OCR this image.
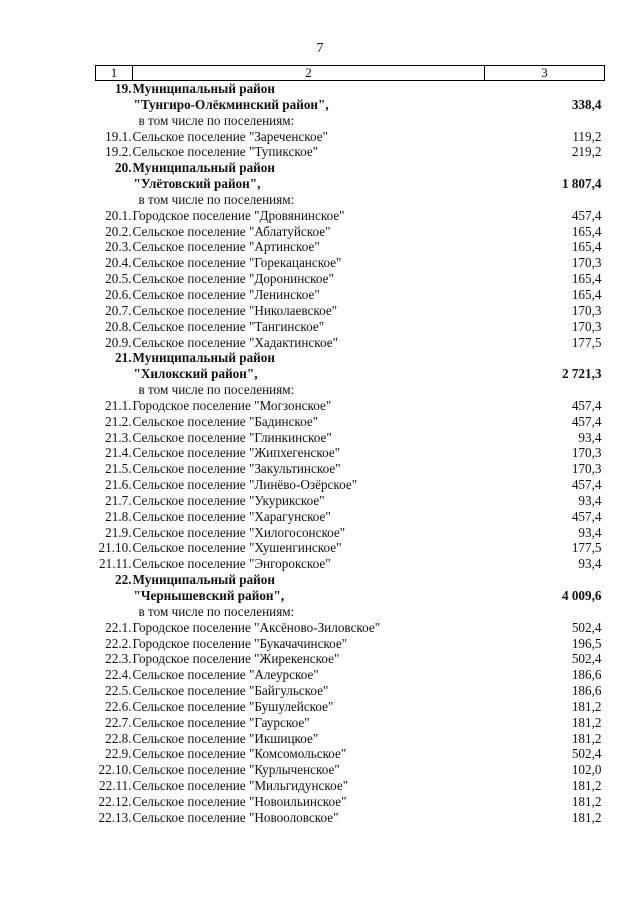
7
1	2	3
19.	Муниципальный район	
	"Тунгиро-Олёкминский район",	338,4
	в том числе по поселениям:	
19.1.	Сельское поселение "Зареченское"	119,2
19.2.	Сельское поселение "Тупикское"	219,2
20.	Муниципальный район	
	"Улётовский район",	1 807,4
	в том числе по поселениям:	
20.1.	Городское поселение "Дровянинское"	457,4
20.2.	Сельское поселение "Аблатуйское"	165,4
20.3.	Сельское поселение "Артинское"	165,4
20.4.	Сельское поселение "Горекацанское"	170,3
20.5.	Сельское поселение "Доронинское"	165,4
20.6.	Сельское поселение "Ленинское"	165,4
20.7.	Сельское поселение "Николаевское"	170,3
20.8.	Сельское поселение "Тангинское"	170,3
20.9.	Сельское поселение "Хадактинское"	177,5
21.	Муниципальный район	
	"Хилокский район",	2 721,3
	в том числе по поселениям:	
21.1.	Городское поселение "Могзонское"	457,4
21.2.	Сельское поселение "Бадинское"	457,4
21.3.	Сельское поселение "Глинкинское"	93,4
21.4.	Сельское поселение "Жипхегенское"	170,3
21.5.	Сельское поселение "Закультинское"	170,3
21.6.	Сельское поселение "Линёво-Озёрское"	457,4
21.7.	Сельское поселение "Укурикское"	93,4
21.8.	Сельское поселение "Харагунское"	457,4
21.9.	Сельское поселение "Хилогосонское"	93,4
21.10.	Сельское поселение "Хушенгинское"	177,5
21.11.	Сельское поселение "Энгорокское"	93,4
22.	Муниципальный район	
	"Чернышевский район",	4 009,6
	в том числе по поселениям:	
22.1.	Городское поселение "Аксёново-Зиловское"	502,4
22.2.	Городское поселение "Букачачинское"	196,5
22.3.	Городское поселение "Жирекенское"	502,4
22.4.	Сельское поселение "Алеурское"	186,6
22.5.	Сельское поселение "Байгульское"	186,6
22.6.	Сельское поселение "Бушулейское"	181,2
22.7.	Сельское поселение "Гаурское"	181,2
22.8.	Сельское поселение "Икшицкое"	181,2
22.9.	Сельское поселение "Комсомольское"	502,4
22.10.	Сельское поселение "Курлыченское"	102,0
22.11.	Сельское поселение "Мильгидунское"	181,2
22.12.	Сельское поселение "Новоильинское"	181,2
22.13.	Сельское поселение "Новооловское"	181,2
